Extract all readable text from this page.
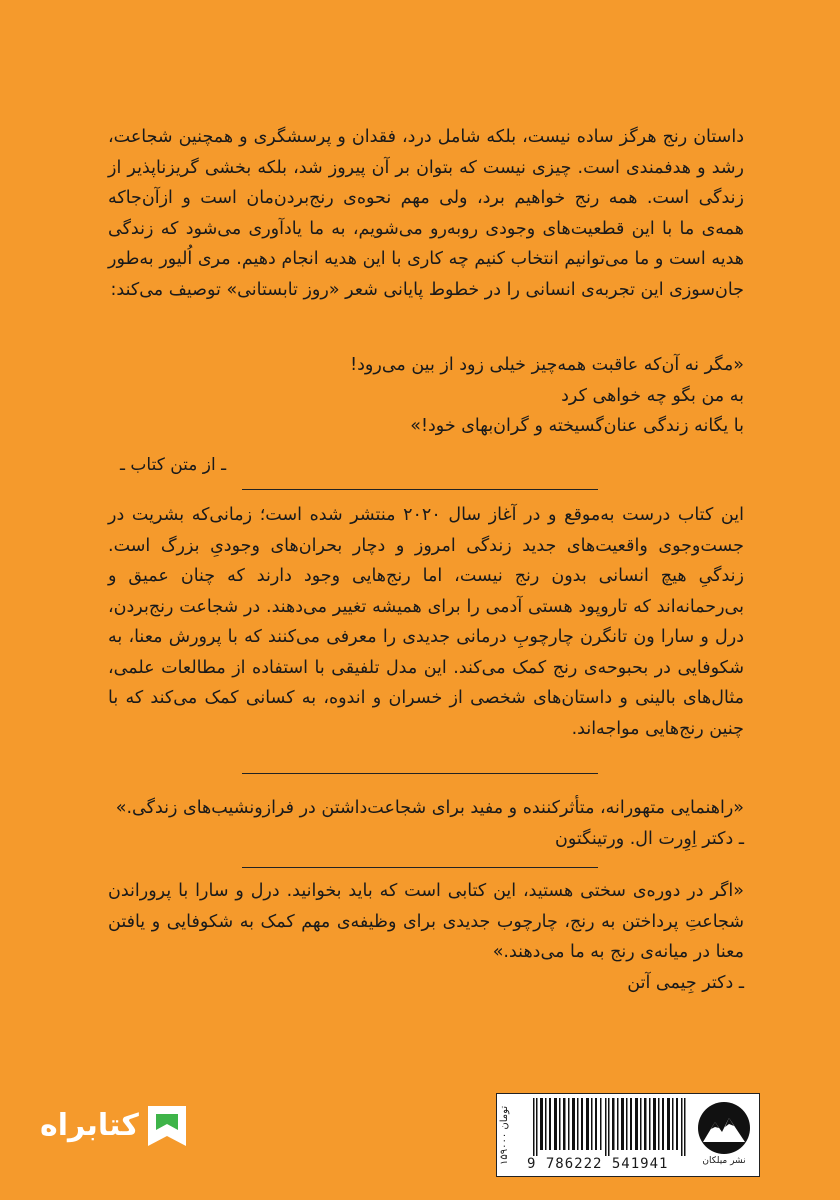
داستان رنج هرگز ساده نیست، بلکه شامل درد، فقدان و پرسشگری و همچنین شجاعت، رشد و هدفمندی است. چیزی نیست که بتوان بر آن پیروز شد، بلکه بخشی گریزناپذیر از زندگی است. همه رنج خواهیم برد، ولی مهم نحوه‌ی رنج‌بردن‌مان است و ازآن‌جاکه همه‌ی ما با این قطعیت‌های وجودی روبه‌رو می‌شویم، به ما یادآوری می‌شود که زندگی هدیه است و ما می‌توانیم انتخاب کنیم چه کاری با این هدیه انجام دهیم. مری اُلیور به‌طور جان‌سوزی این تجربه‌ی انسانی را در خطوط پایانی شعر «روز تابستانی» توصیف می‌کند:

«مگر نه آن‌که عاقبت همه‌چیز خیلی زود از بین می‌رود!
به من بگو چه خواهی کرد
با یگانه زندگی عنان‌گسیخته و گران‌بهای خود!»
ـ از متن کتاب ـ

این کتاب درست به‌موقع و در آغاز سال ۲۰۲۰ منتشر شده است؛ زمانی‌که بشریت در جست‌وجوی واقعیت‌های جدید زندگی امروز و دچار بحران‌های وجودیِ بزرگ است. زندگیِ هیچ انسانی بدون رنج نیست، اما رنج‌هایی وجود دارند که چنان عمیق و بی‌رحمانه‌اند که تاروپود هستی آدمی را برای همیشه تغییر می‌دهند. در شجاعت رنج‌بردن، درل و سارا ون تانگرن چارچوبِ درمانی جدیدی را معرفی می‌کنند که با پرورش معنا، به شکوفایی در بحبوحه‌ی رنج کمک می‌کند. این مدل تلفیقی با استفاده از مطالعات علمی، مثال‌های بالینی و داستان‌های شخصی از خسران و اندوه، به کسانی کمک می‌کند که با چنین رنج‌هایی مواجه‌اند.

«راهنمایی متهورانه، متأثرکننده و مفید برای شجاعت‌داشتن در فرازونشیب‌های زندگی.»
ـ دکتر اِوِرت ال. ورتینگتون
«اگر در دوره‌ی سختی هستید، این کتابی است که باید بخوانید. درل و سارا با پروراندن شجاعتِ پرداختن به رنج، چارچوب جدیدی برای وظیفه‌ی مهم کمک به شکوفایی و یافتن معنا در میانه‌ی رنج به ما می‌دهند.»
ـ دکتر جِیمی آتن
۱۵۹۰۰۰ تومان
9 786222 541941	نشر میلکان
کتابراه
